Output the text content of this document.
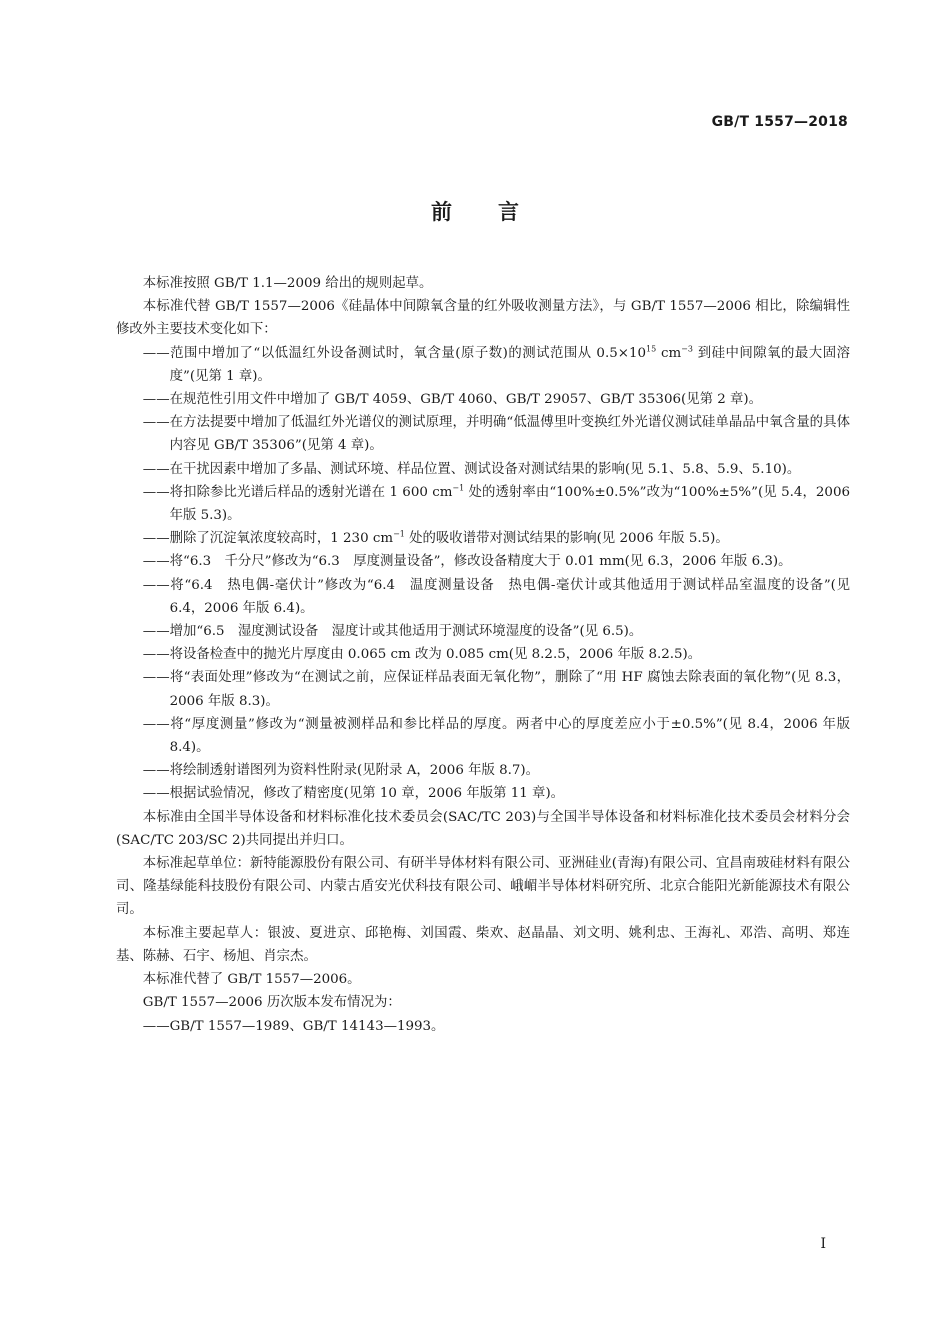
GB/T 1557—2018
前言

本标准按照 GB/T 1.1—2009 给出的规则起草。

本标准代替 GB/T 1557—2006《硅晶体中间隙氧含量的红外吸收测量方法》，与 GB/T 1557—2006 相比，除编辑性修改外主要技术变化如下：

——范围中增加了“以低温红外设备测试时，氧含量(原子数)的测试范围从 $0.5\times 10^{15}$ $cm^{-3}$ 到硅中间隙氧的最大固溶度”(见第 1 章)。

——在规范性引用文件中增加了 GB/T 4059、GB/T 4060、GB/T 29057、GB/T 35306(见第 2 章)。

——在方法提要中增加了低温红外光谱仪的测试原理，并明确“低温傅里叶变换红外光谱仪测试硅单晶品中氧含量的具体内容见 GB/T 35306”(见第 4 章)。

——在干扰因素中增加了多晶、测试环境、样品位置、测试设备对测试结果的影响(见 5.1、5.8、5.9、5.10)。

——将扣除参比光谱后样品的透射光谱在 1 600 $cm^{-1}$ 处的透射率由“100%±0.5%”改为“100%±5%”(见 5.4，2006 年版 5.3)。

——删除了沉淀氧浓度较高时，1 230 $cm^{-1}$ 处的吸收谱带对测试结果的影响(见 2006 年版 5.5)。

——将“6.3　千分尺”修改为“6.3　厚度测量设备”，修改设备精度大于 0.01 mm(见 6.3，2006 年版 6.3)。

——将“6.4　热电偶-毫伏计”修改为“6.4　温度测量设备　热电偶-毫伏计或其他适用于测试样品室温度的设备”(见 6.4，2006 年版 6.4)。

——增加“6.5　湿度测试设备　湿度计或其他适用于测试环境湿度的设备”(见 6.5)。

——将设备检查中的抛光片厚度由 0.065 cm 改为 0.085 cm(见 8.2.5，2006 年版 8.2.5)。

——将“表面处理”修改为“在测试之前，应保证样品表面无氧化物”，删除了“用 HF 腐蚀去除表面的氧化物”(见 8.3，2006 年版 8.3)。

——将“厚度测量”修改为“测量被测样品和参比样品的厚度。两者中心的厚度差应小于±0.5%”(见 8.4，2006 年版 8.4)。

——将绘制透射谱图列为资料性附录(见附录 A，2006 年版 8.7)。

——根据试验情况，修改了精密度(见第 10 章，2006 年版第 11 章)。

本标准由全国半导体设备和材料标准化技术委员会(SAC/TC 203)与全国半导体设备和材料标准化技术委员会材料分会(SAC/TC 203/SC 2)共同提出并归口。

本标准起草单位：新特能源股份有限公司、有研半导体材料有限公司、亚洲硅业(青海)有限公司、宜昌南玻硅材料有限公司、隆基绿能科技股份有限公司、内蒙古盾安光伏科技有限公司、峨嵋半导体材料研究所、北京合能阳光新能源技术有限公司。

本标准主要起草人：银波、夏进京、邱艳梅、刘国霞、柴欢、赵晶晶、刘文明、姚利忠、王海礼、邓浩、高明、郑连基、陈赫、石宇、杨旭、肖宗杰。

本标准代替了 GB/T 1557—2006。

GB/T 1557—2006 历次版本发布情况为：

——GB/T 1557—1989、GB/T 14143—1993。

I
